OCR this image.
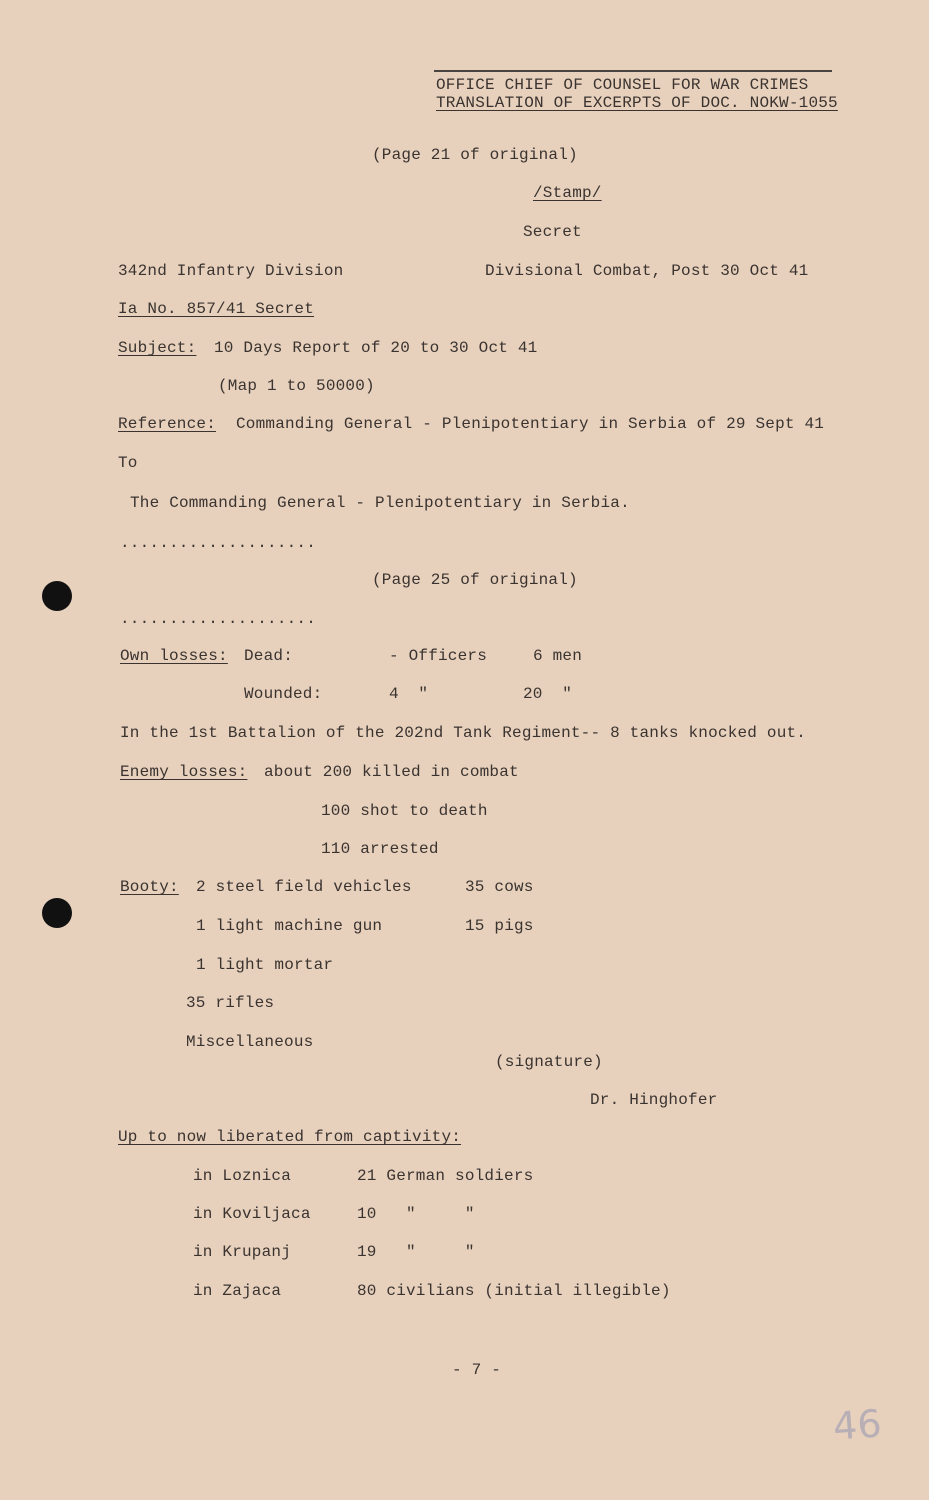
OFFICE CHIEF OF COUNSEL FOR WAR CRIMES
TRANSLATION OF EXCERPTS OF DOC. NOKW-1055
(Page 21 of original)
/Stamp/
Secret
342nd Infantry Division	Divisional Combat, Post 30 Oct 41
Ia No. 857/41 Secret
Subject: 10 Days Report of 20 to 30 Oct 41
(Map 1 to 50000)
Reference: Commanding General - Plenipotentiary in Serbia of 29 Sept 41
To
The Commanding General - Plenipotentiary in Serbia.
....................
(Page 25 of original)
....................
Own losses: Dead:	- Officers	6 men
Wounded:	4  "	20  "
In the 1st Battalion of the 202nd Tank Regiment-- 8 tanks knocked out.
Enemy losses: about 200 killed in combat
100 shot to death
110 arrested
Booty: 2 steel field vehicles	35 cows
1 light machine gun	15 pigs
1 light mortar
35 rifles
Miscellaneous
(signature)
Dr. Hinghofer
Up to now liberated from captivity:
in Loznica	21 German soldiers
in Koviljaca	10   "     "
in Krupanj	19   "     "
in Zajaca	80 civilians (initial illegible)
- 7 -
46
